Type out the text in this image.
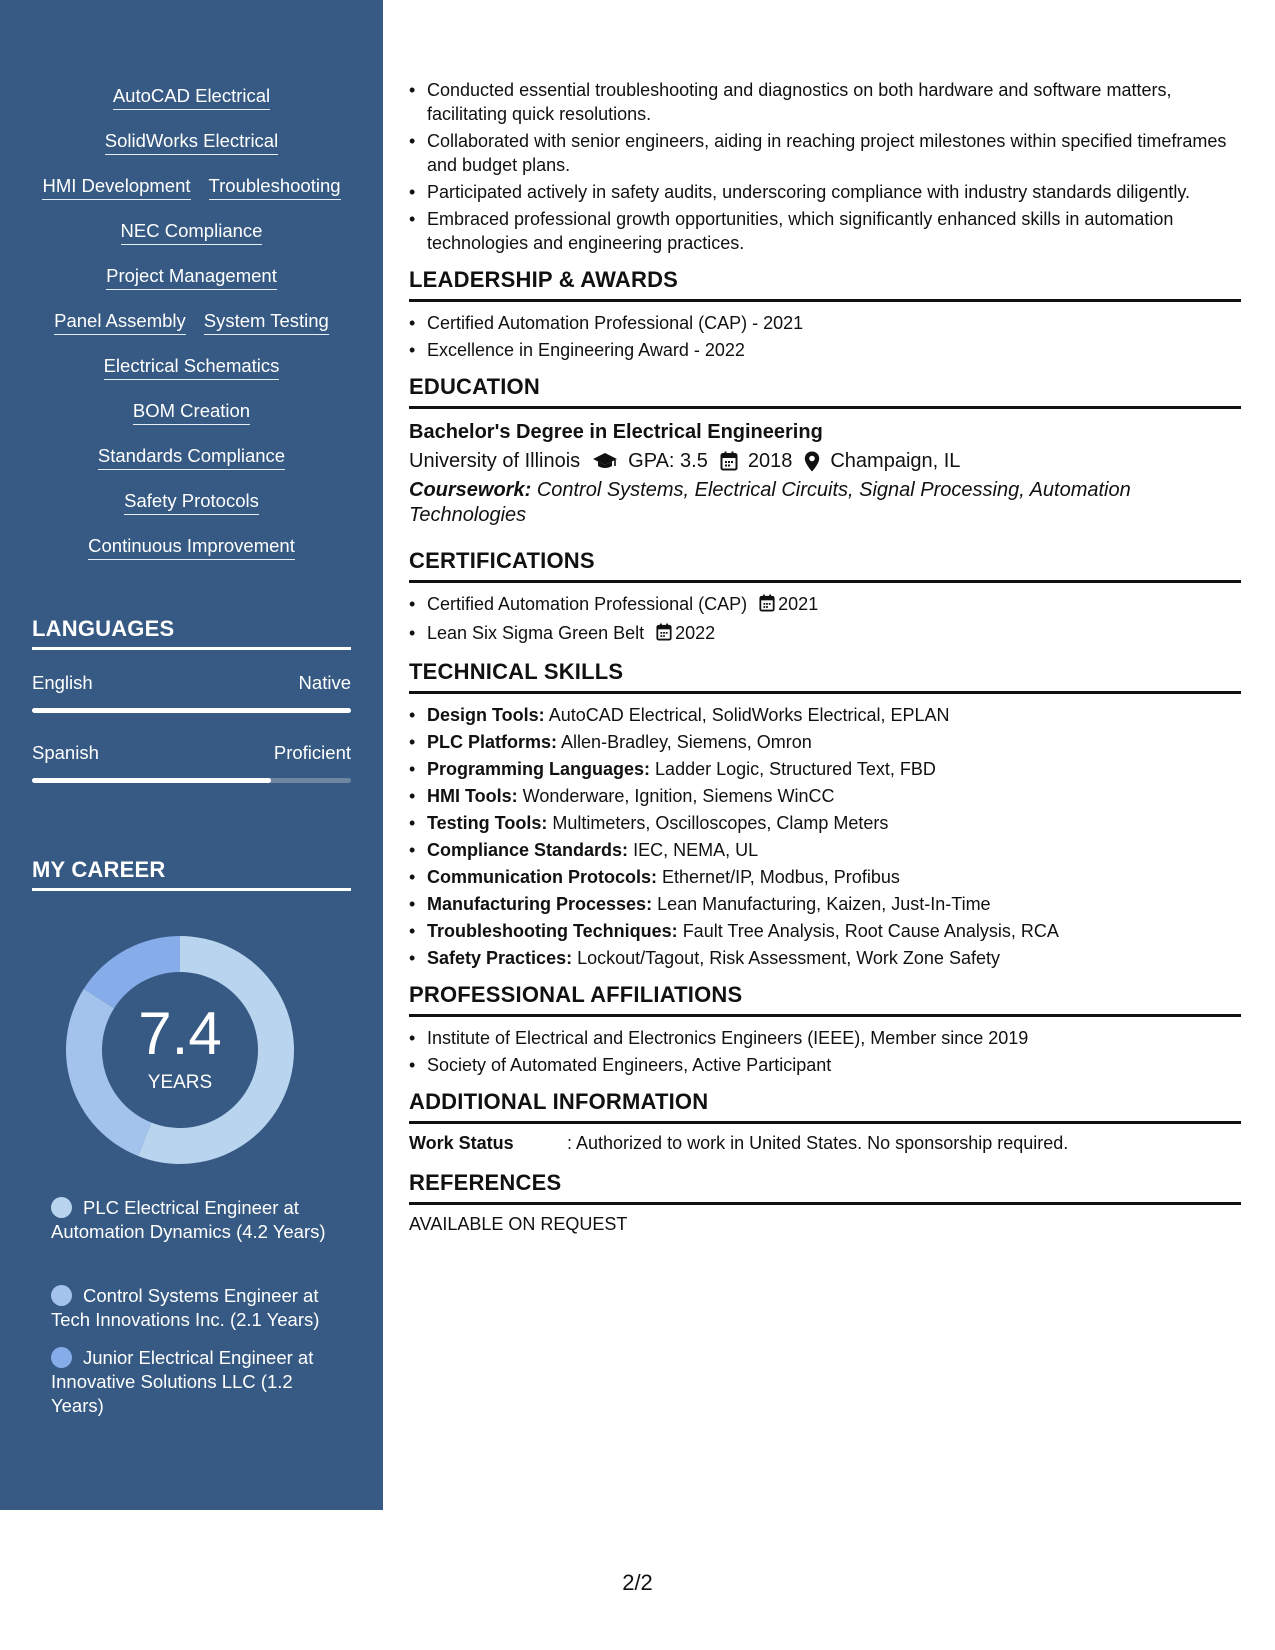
AutoCAD Electrical
SolidWorks Electrical
HMI Development Troubleshooting
NEC Compliance
Project Management
Panel Assembly System Testing
Electrical Schematics
BOM Creation
Standards Compliance
Safety Protocols
Continuous Improvement
LANGUAGES
English	Native
Spanish	Proficient
MY CAREER
7.4
YEARS
PLC Electrical Engineer at Automation Dynamics (4.2 Years)
Control Systems Engineer at Tech Innovations Inc. (2.1 Years)
Junior Electrical Engineer at Innovative Solutions LLC (1.2 Years)
• Conducted essential troubleshooting and diagnostics on both hardware and software matters, facilitating quick resolutions.
• Collaborated with senior engineers, aiding in reaching project milestones within specified timeframes and budget plans.
• Participated actively in safety audits, underscoring compliance with industry standards diligently.
• Embraced professional growth opportunities, which significantly enhanced skills in automation technologies and engineering practices.
LEADERSHIP & AWARDS
• Certified Automation Professional (CAP) - 2021
• Excellence in Engineering Award - 2022
EDUCATION
Bachelor's Degree in Electrical Engineering
University of Illinois GPA: 3.5 2018 Champaign, IL
Coursework: Control Systems, Electrical Circuits, Signal Processing, Automation Technologies
CERTIFICATIONS
• Certified Automation Professional (CAP) 2021
• Lean Six Sigma Green Belt 2022
TECHNICAL SKILLS
• Design Tools: AutoCAD Electrical, SolidWorks Electrical, EPLAN
• PLC Platforms: Allen-Bradley, Siemens, Omron
• Programming Languages: Ladder Logic, Structured Text, FBD
• HMI Tools: Wonderware, Ignition, Siemens WinCC
• Testing Tools: Multimeters, Oscilloscopes, Clamp Meters
• Compliance Standards: IEC, NEMA, UL
• Communication Protocols: Ethernet/IP, Modbus, Profibus
• Manufacturing Processes: Lean Manufacturing, Kaizen, Just-In-Time
• Troubleshooting Techniques: Fault Tree Analysis, Root Cause Analysis, RCA
• Safety Practices: Lockout/Tagout, Risk Assessment, Work Zone Safety
PROFESSIONAL AFFILIATIONS
• Institute of Electrical and Electronics Engineers (IEEE), Member since 2019
• Society of Automated Engineers, Active Participant
ADDITIONAL INFORMATION
Work Status	: Authorized to work in United States. No sponsorship required.
REFERENCES
AVAILABLE ON REQUEST
2/2
